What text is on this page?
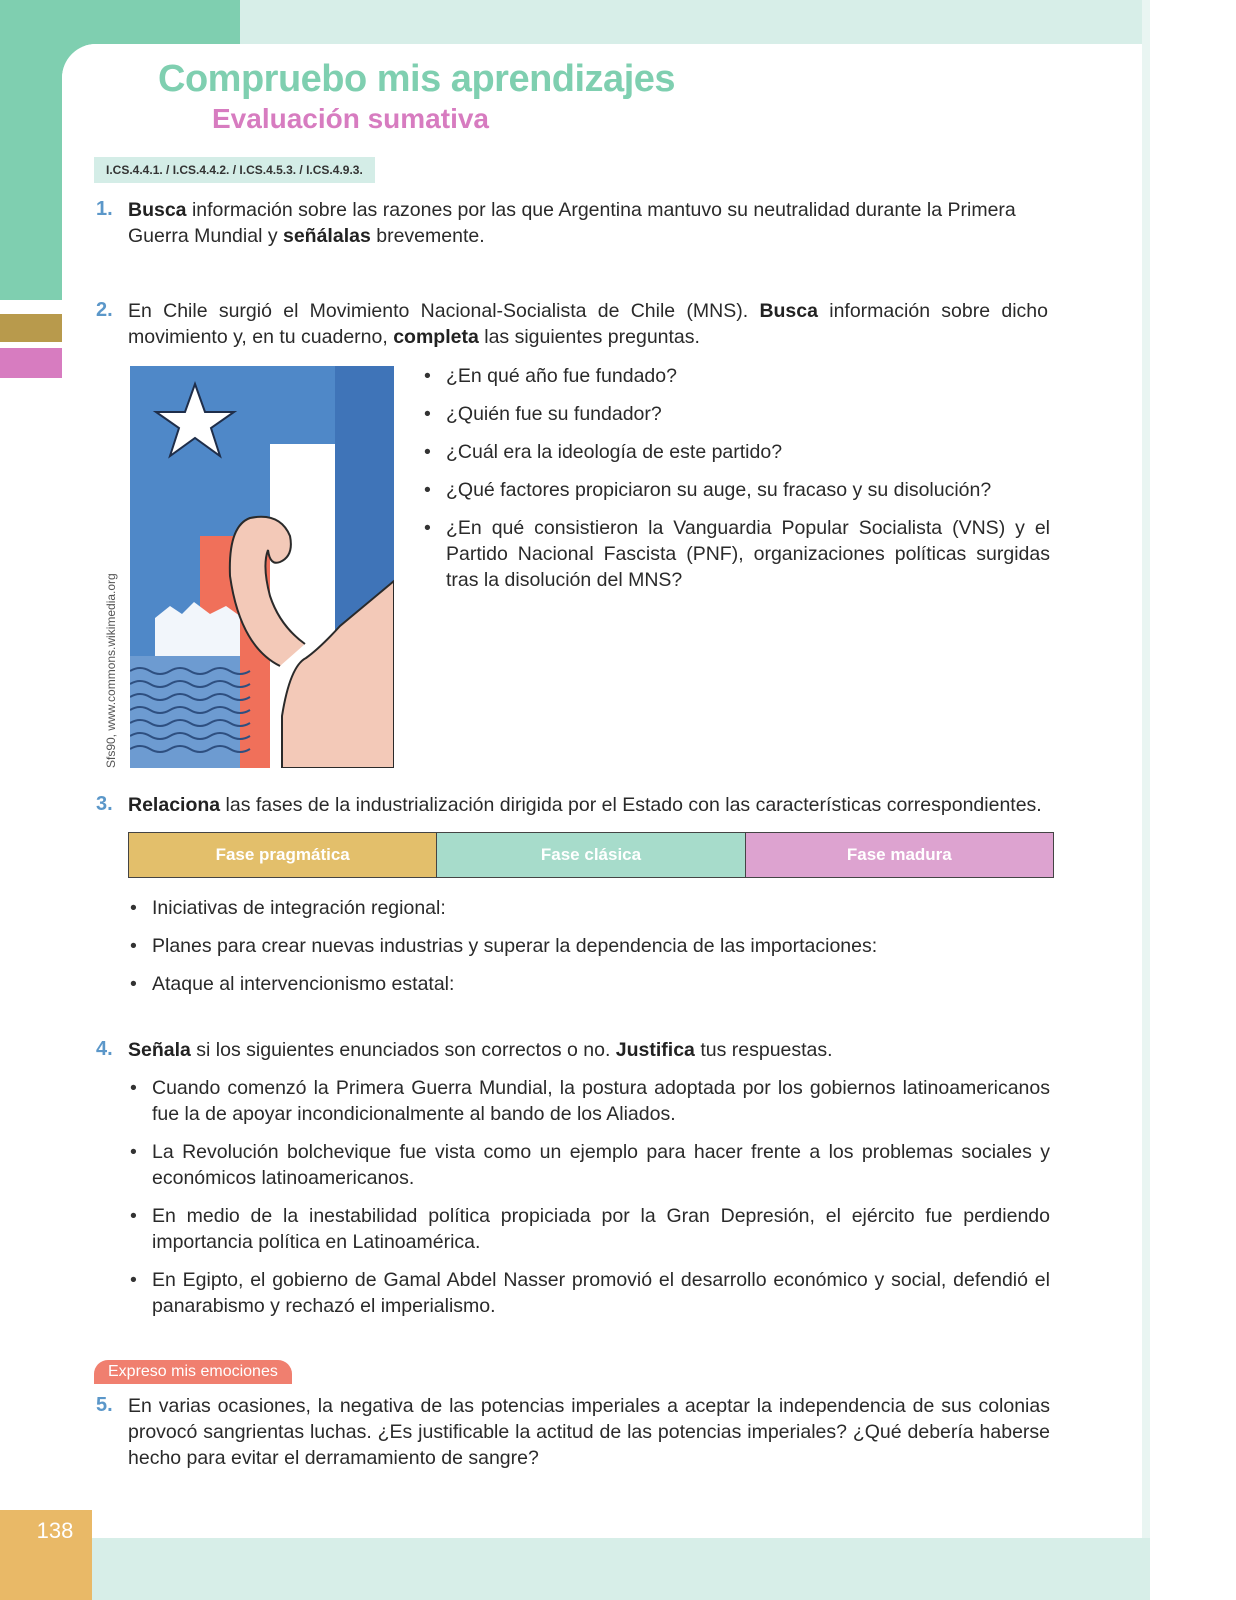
138
Compruebo mis aprendizajes
Evaluación sumativa
I.CS.4.4.1. / I.CS.4.4.2. / I.CS.4.5.3. / I.CS.4.9.3.
1. Busca información sobre las razones por las que Argentina mantuvo su neutralidad durante la Primera Guerra Mundial y señálalas brevemente.
2. En Chile surgió el Movimiento Nacional-Socialista de Chile (MNS). Busca información sobre dicho movimiento y, en tu cuaderno, completa las siguientes preguntas.
Sfs90, www.commons.wikimedia.org
• ¿En qué año fue fundado?
• ¿Quién fue su fundador?
• ¿Cuál era la ideología de este partido?
• ¿Qué factores propiciaron su auge, su fracaso y su disolución?
• ¿En qué consistieron la Vanguardia Popular Socialista (VNS) y el Partido Nacional Fascista (PNF), organizaciones políticas surgidas tras la disolución del MNS?
3. Relaciona las fases de la industrialización dirigida por el Estado con las características correspondientes.
Fase pragmática	Fase clásica	Fase madura
• Iniciativas de integración regional:
• Planes para crear nuevas industrias y superar la dependencia de las importaciones:
• Ataque al intervencionismo estatal:
4. Señala si los siguientes enunciados son correctos o no. Justifica tus respuestas.
• Cuando comenzó la Primera Guerra Mundial, la postura adoptada por los gobiernos latinoamericanos fue la de apoyar incondicionalmente al bando de los Aliados.
• La Revolución bolchevique fue vista como un ejemplo para hacer frente a los problemas sociales y económicos latinoamericanos.
• En medio de la inestabilidad política propiciada por la Gran Depresión, el ejército fue perdiendo importancia política en Latinoamérica.
• En Egipto, el gobierno de Gamal Abdel Nasser promovió el desarrollo económico y social, defendió el panarabismo y rechazó el imperialismo.
Expreso mis emociones
5. En varias ocasiones, la negativa de las potencias imperiales a aceptar la independencia de sus colonias provocó sangrientas luchas. ¿Es justificable la actitud de las potencias imperiales? ¿Qué debería haberse hecho para evitar el derramamiento de sangre?
